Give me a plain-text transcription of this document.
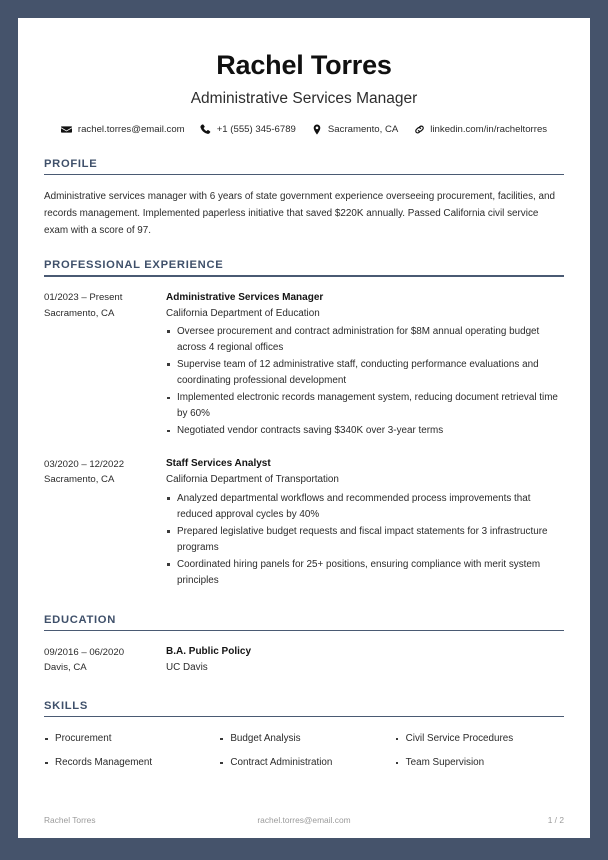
Rachel Torres
Administrative Services Manager
rachel.torres@email.com	+1 (555) 345-6789	Sacramento, CA	linkedin.com/in/racheltorres
PROFILE

Administrative services manager with 6 years of state government experience overseeing procurement, facilities, and records management. Implemented paperless initiative that saved $220K annually. Passed California civil service exam with a score of 97.

PROFESSIONAL EXPERIENCE
01/2023 – Present
Sacramento, CA
Administrative Services Manager
California Department of Education
Oversee procurement and contract administration for $8M annual operating budget across 4 regional offices
Supervise team of 12 administrative staff, conducting performance evaluations and coordinating professional development
Implemented electronic records management system, reducing document retrieval time by 60%
Negotiated vendor contracts saving $340K over 3-year terms
03/2020 – 12/2022
Sacramento, CA
Staff Services Analyst
California Department of Transportation
Analyzed departmental workflows and recommended process improvements that reduced approval cycles by 40%
Prepared legislative budget requests and fiscal impact statements for 3 infrastructure programs
Coordinated hiring panels for 25+ positions, ensuring compliance with merit system principles
EDUCATION
09/2016 – 06/2020
Davis, CA
B.A. Public Policy
UC Davis
SKILLS
Procurement	Budget Analysis	Civil Service Procedures
Records Management	Contract Administration	Team Supervision
Rachel Torres	rachel.torres@email.com	1 / 2
